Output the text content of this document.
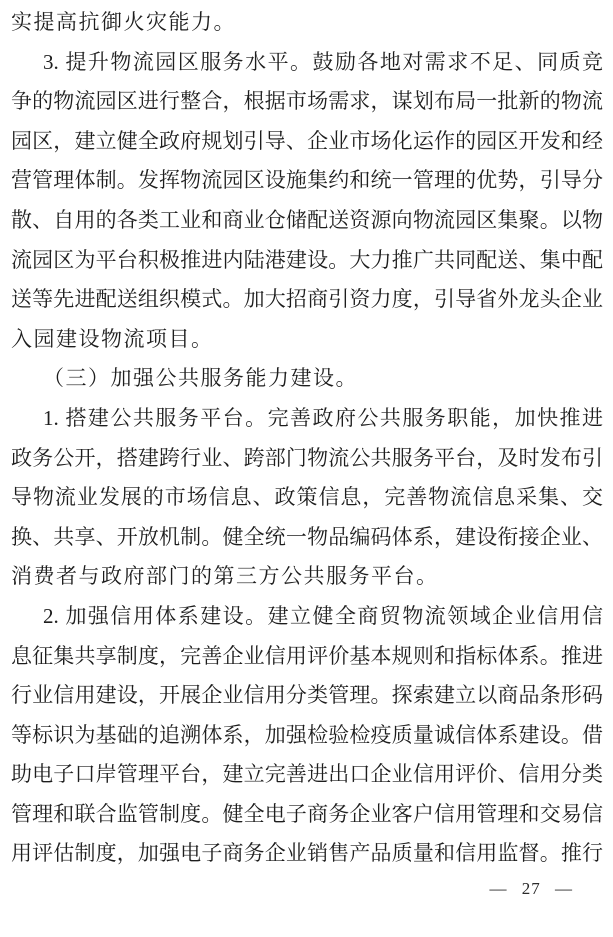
实提高抗御火灾能力。
3. 提升物流园区服务水平。鼓励各地对需求不足、同质竞
争的物流园区进行整合，根据市场需求，谋划布局一批新的物流
园区，建立健全政府规划引导、企业市场化运作的园区开发和经
营管理体制。发挥物流园区设施集约和统一管理的优势，引导分
散、自用的各类工业和商业仓储配送资源向物流园区集聚。以物
流园区为平台积极推进内陆港建设。大力推广共同配送、集中配
送等先进配送组织模式。加大招商引资力度，引导省外龙头企业
入园建设物流项目。
（三）加强公共服务能力建设。
1. 搭建公共服务平台。完善政府公共服务职能，加快推进
政务公开，搭建跨行业、跨部门物流公共服务平台，及时发布引
导物流业发展的市场信息、政策信息，完善物流信息采集、交
换、共享、开放机制。健全统一物品编码体系，建设衔接企业、
消费者与政府部门的第三方公共服务平台。
2. 加强信用体系建设。建立健全商贸物流领域企业信用信
息征集共享制度，完善企业信用评价基本规则和指标体系。推进
行业信用建设，开展企业信用分类管理。探索建立以商品条形码
等标识为基础的追溯体系，加强检验检疫质量诚信体系建设。借
助电子口岸管理平台，建立完善进出口企业信用评价、信用分类
管理和联合监管制度。健全电子商务企业客户信用管理和交易信
用评估制度，加强电子商务企业销售产品质量和信用监督。推行
— 27 —
